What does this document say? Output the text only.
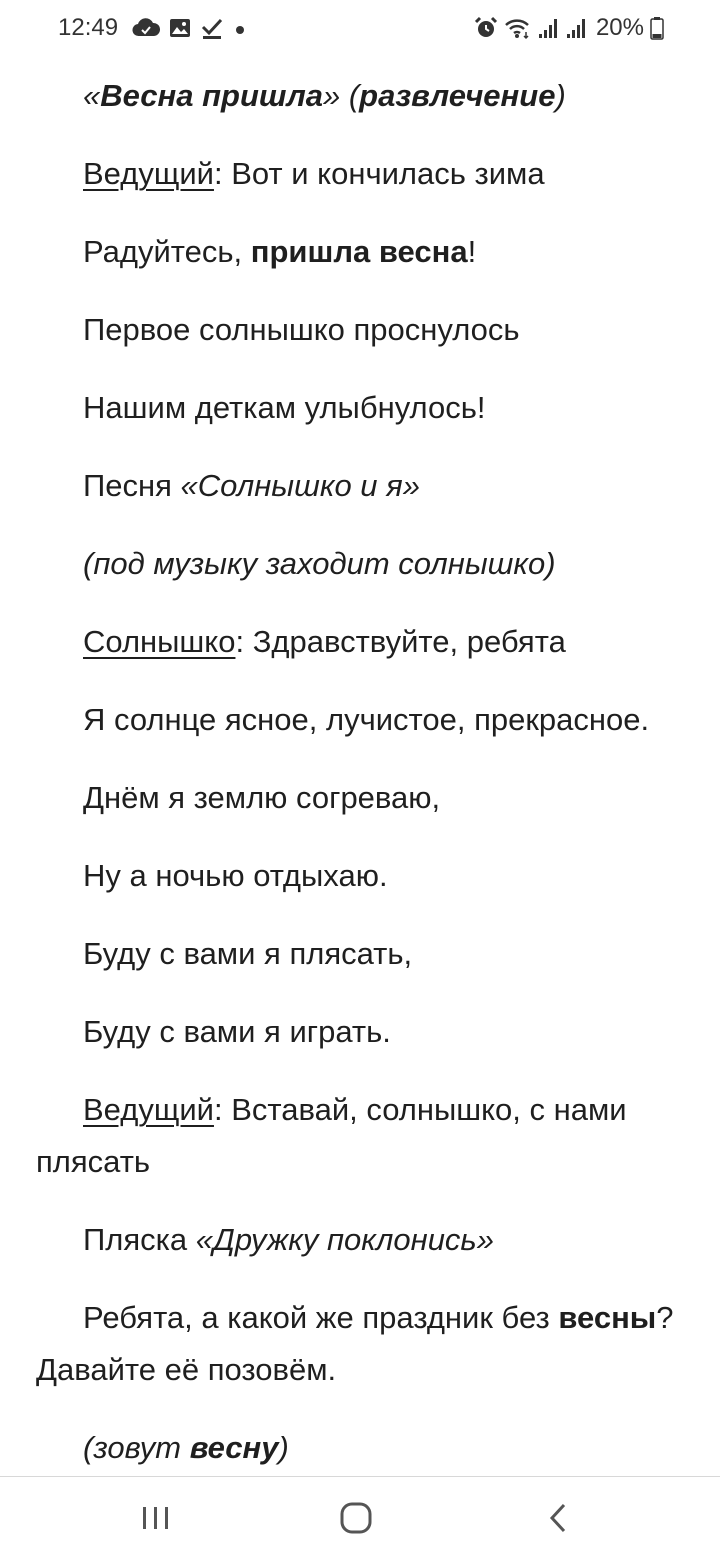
12:49	20%

«Весна пришла» (развлечение)

Ведущий: Вот и кончилась зима

Радуйтесь, пришла весна!

Первое солнышко проснулось

Нашим деткам улыбнулось!

Песня «Солнышко и я»

(под музыку заходит солнышко)

Солнышко: Здравствуйте, ребята

Я солнце ясное, лучистое, прекрасное.

Днём я землю согреваю,

Ну а ночью отдыхаю.

Буду с вами я плясать,

Буду с вами я играть.

Ведущий: Вставай, солнышко, с нами плясать

Пляска «Дружку поклонись»

Ребята, а какой же праздник без весны? Давайте её позовём.

(зовут весну)
